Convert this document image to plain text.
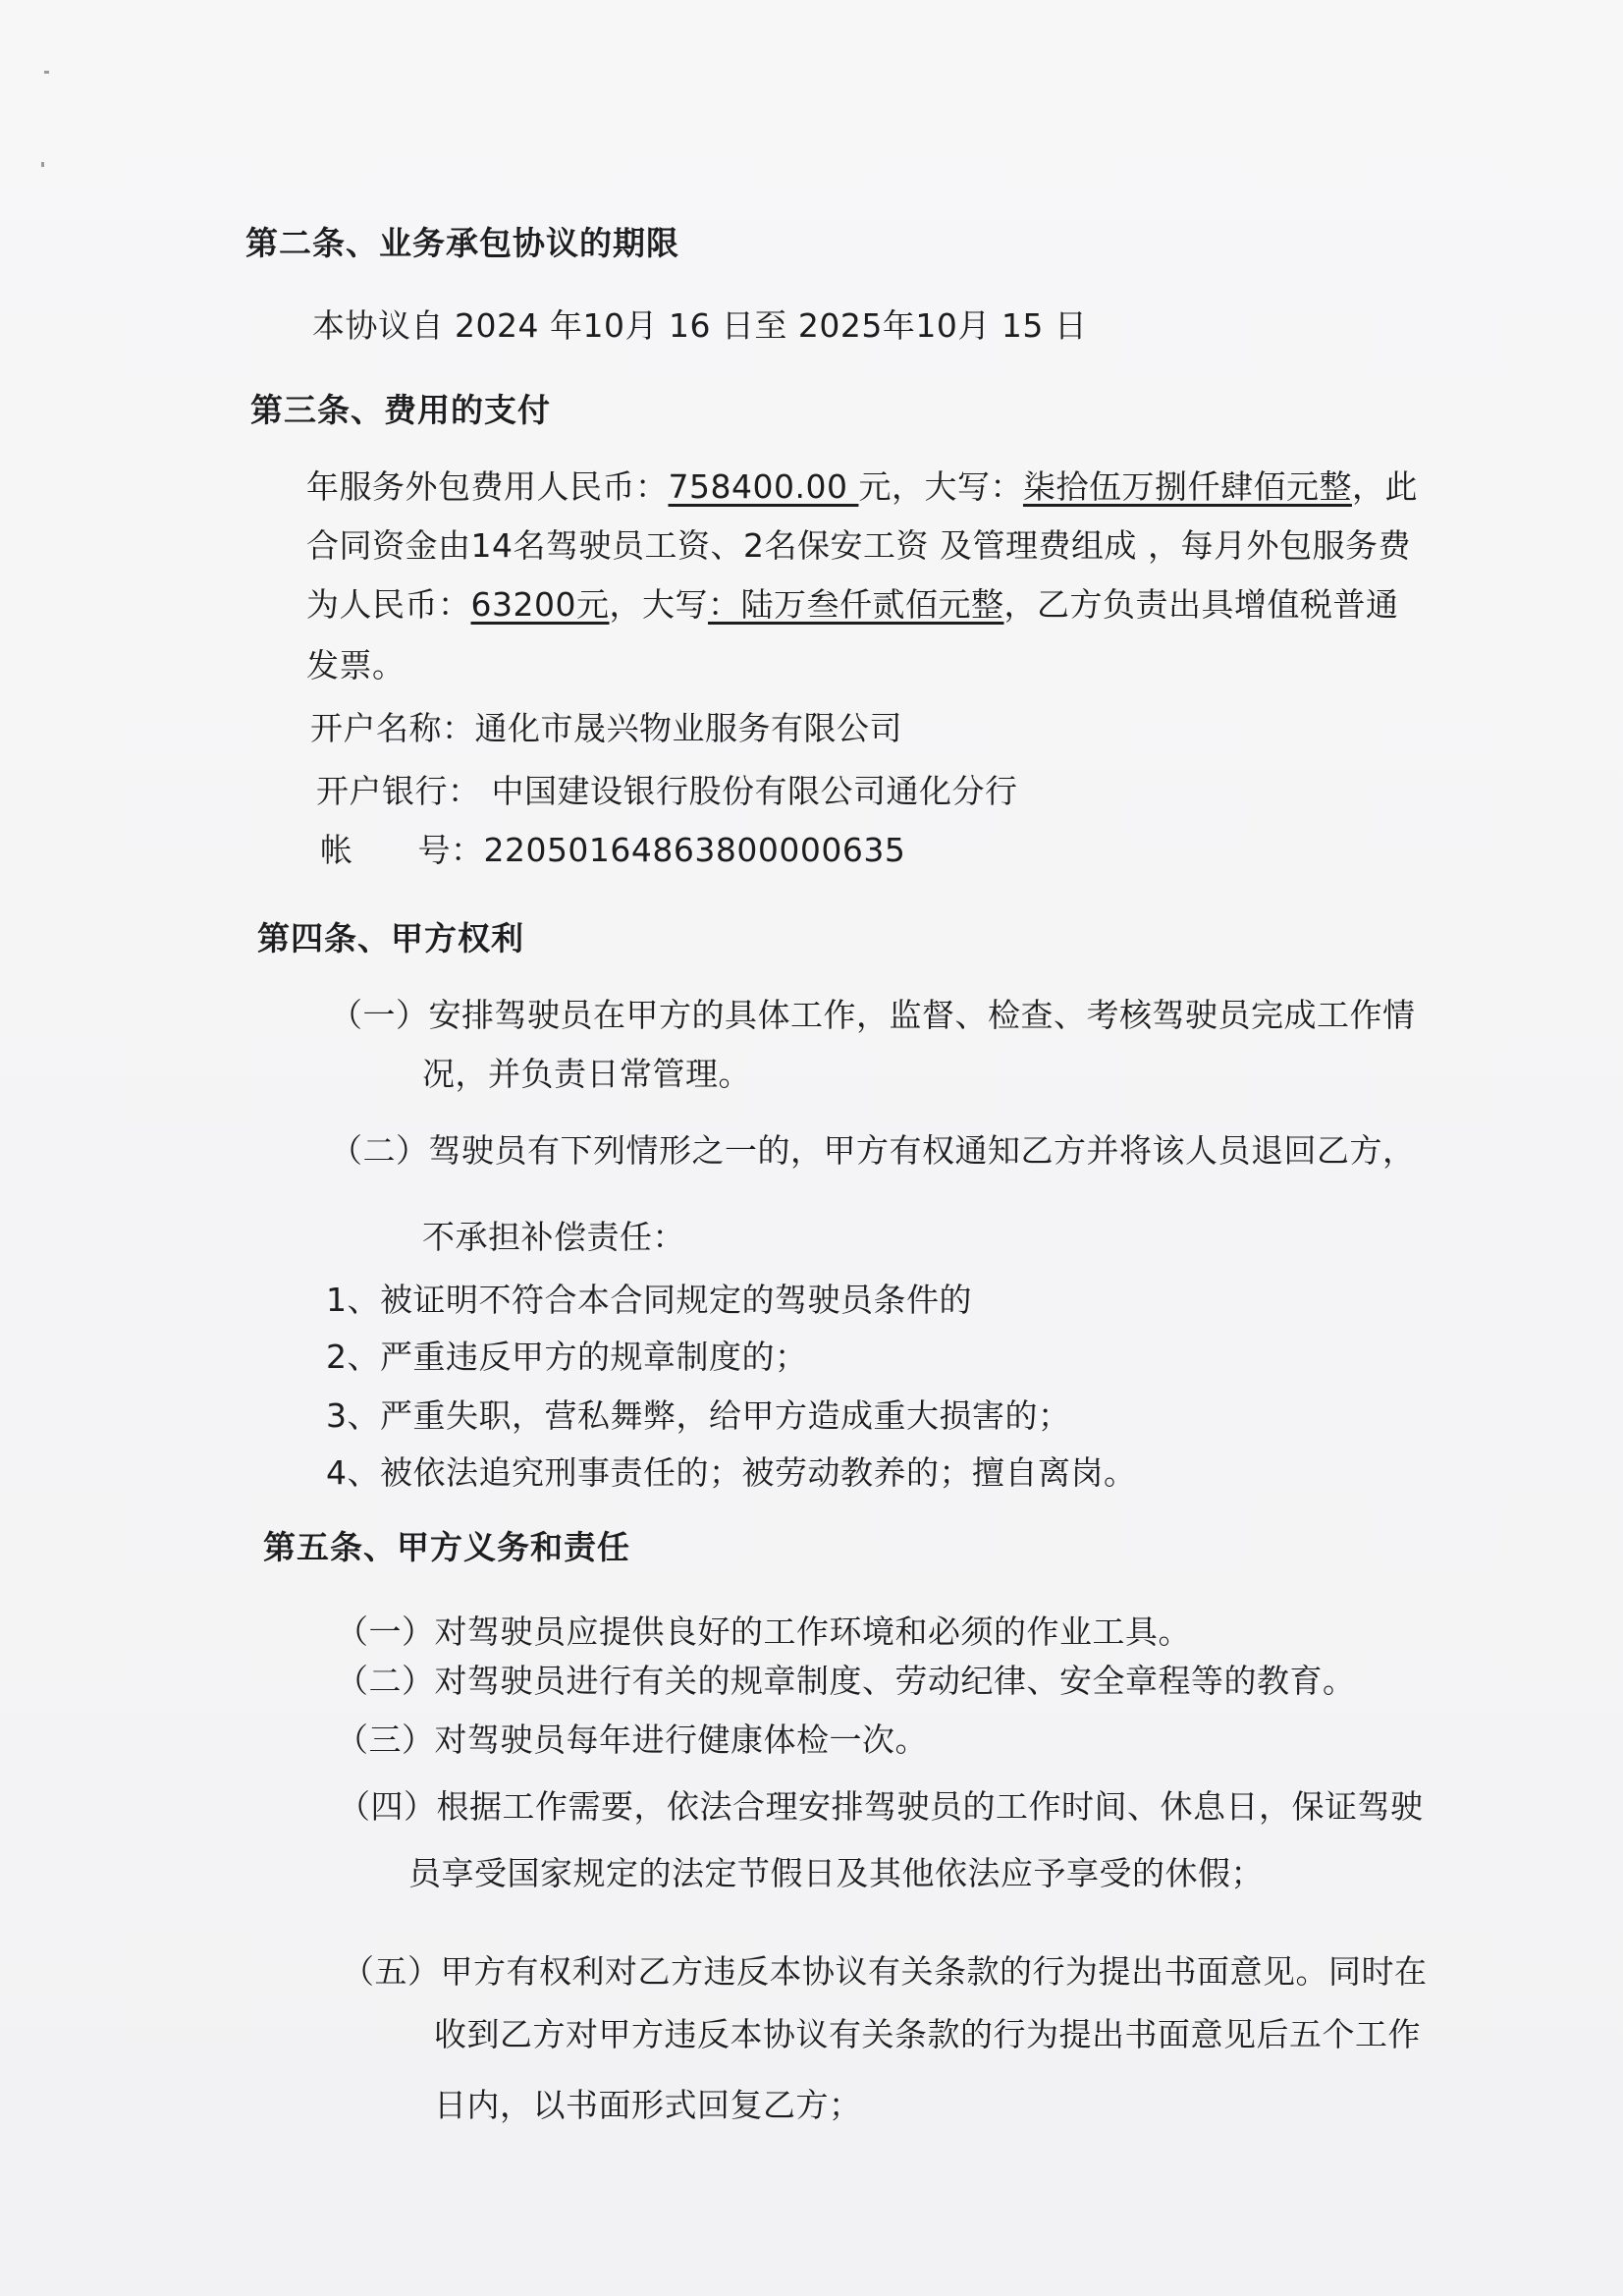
第二条、业务承包协议的期限
本协议自 2024 年10月 16 日至 2025年10月 15 日
第三条、费用的支付
年服务外包费用人民币：758400.00 元，大写：柒拾伍万捌仟肆佰元整，此
合同资金由14名驾驶员工资、2名保安工资 及管理费组成 ，每月外包服务费
为人民币：63200元，大写：陆万叁仟贰佰元整，乙方负责出具增值税普通
发票。
开户名称：通化市晟兴物业服务有限公司
开户银行： 中国建设银行股份有限公司通化分行
帐      号：22050164863800000635
第四条、甲方权利
（一）安排驾驶员在甲方的具体工作，监督、检查、考核驾驶员完成工作情
况，并负责日常管理。
（二）驾驶员有下列情形之一的，甲方有权通知乙方并将该人员退回乙方，
不承担补偿责任：
1、被证明不符合本合同规定的驾驶员条件的
2、严重违反甲方的规章制度的；
3、严重失职，营私舞弊，给甲方造成重大损害的；
4、被依法追究刑事责任的；被劳动教养的；擅自离岗。
第五条、甲方义务和责任
（一）对驾驶员应提供良好的工作环境和必须的作业工具。
（二）对驾驶员进行有关的规章制度、劳动纪律、安全章程等的教育。
（三）对驾驶员每年进行健康体检一次。
（四）根据工作需要，依法合理安排驾驶员的工作时间、休息日，保证驾驶
员享受国家规定的法定节假日及其他依法应予享受的休假；
（五）甲方有权利对乙方违反本协议有关条款的行为提出书面意见。同时在
收到乙方对甲方违反本协议有关条款的行为提出书面意见后五个工作
日内，以书面形式回复乙方；
